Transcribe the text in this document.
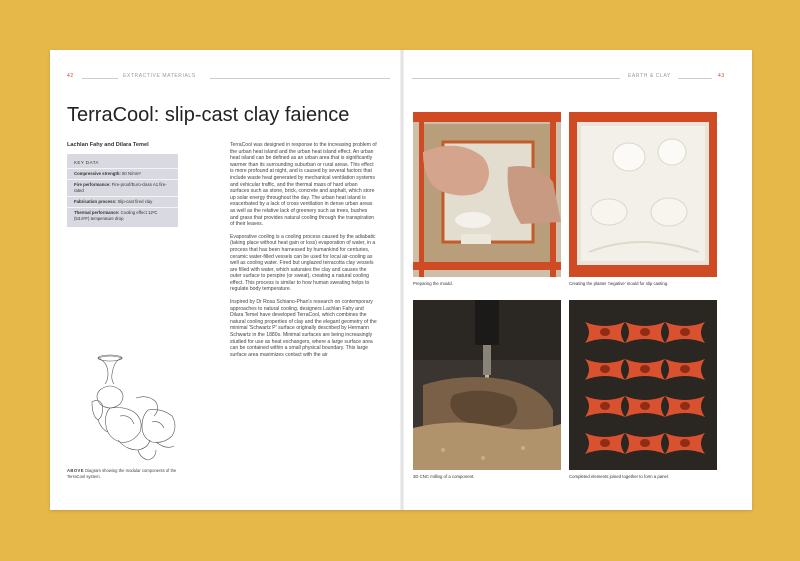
42	EXTRACTIVE MATERIALS	EARTH & CLAY	43
TerraCool: slip-cast clay faience
Lachlan Fahy and Dilara Temel
KEY DATA
Compressive strength: 50 N/mm²
Fire performance: Fire-proof/Euro-class A1 fire-rated
Fabrication process: Slip-cast fired clay
Thermal performance: Cooling effect 12ºC (53.6ºF) temperature drop

TerraCool was designed in response to the increasing problem of the urban heat island and the urban heat island effect. An urban heat island can be defined as an urban area that is significantly warmer than its surrounding suburban or rural areas. This effect is more profound at night, and is caused by several factors that include waste heat generated by mechanical ventilation systems and vehicular traffic, and the thermal mass of hard urban surfaces such as stone, brick, concrete and asphalt, which store up solar energy throughout the day. The urban heat island is exacerbated by a lack of cross ventilation in dense urban areas as well as the relative lack of greenery such as trees, bushes and grass that provides natural cooling through the transpiration of their leaves.

Evaporative cooling is a cooling process caused by the adiabatic (taking place without heat gain or loss) evaporation of water, in a process that has been harnessed by humankind for centuries, ceramic water-filled vessels can be used for local air-cooling as well as cooling water. Fired but unglazed terracotta clay vessels are filled with water, which saturates the clay and causes the outer surface to perspire (or sweat), creating a natural cooling effect. This process is similar to how human sweating helps to regulate body temperature.

Inspired by Dr Rosa Schiano-Phan's research on contemporary approaches to natural cooling, designers Lachlan Fahy and Dilara Temel have developed TerraCool, which combines the natural cooling properties of clay and the elegant geometry of the minimal 'Schwartz P' surface originally described by Hermann Schwartz in the 1880s. Minimal surfaces are being increasingly studied for use as heat exchangers, where a large surface area can be contained within a small physical boundary. This large surface area maximizes contact with the air

ABOVE Diagram showing the modular components of the TerraCool system.
Preparing the mould.	Creating the plaster 'negative' mould for slip casting.
3D CNC milling of a component.	Completed elements joined together to form a panel.
